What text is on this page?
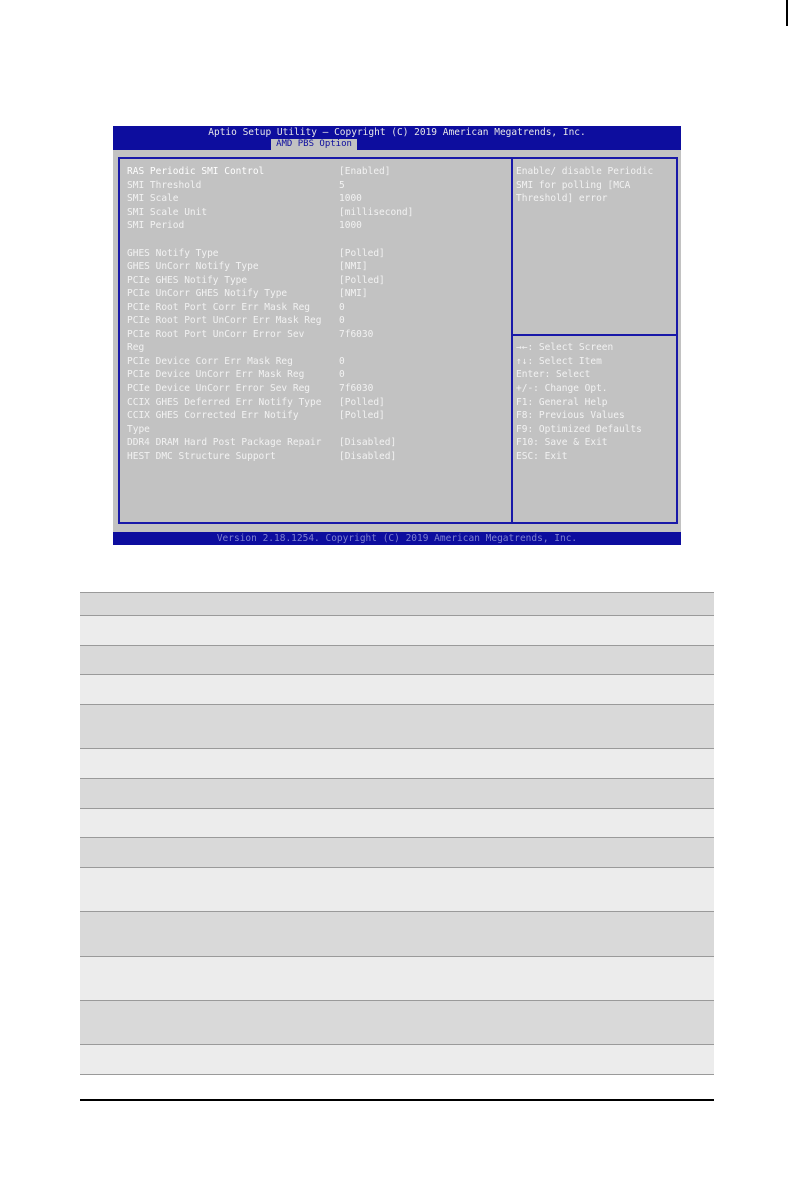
Aptio Setup Utility – Copyright (C) 2019 American Megatrends, Inc.
AMD PBS Option
RAS Periodic SMI Control
SMI Threshold
SMI Scale
SMI Scale Unit
SMI Period
GHES Notify Type
GHES UnCorr Notify Type
PCIe GHES Notify Type
PCIe UnCorr GHES Notify Type
PCIe Root Port Corr Err Mask Reg
PCIe Root Port UnCorr Err Mask Reg
PCIe Root Port UnCorr Error Sev
Reg
PCIe Device Corr Err Mask Reg
PCIe Device UnCorr Err Mask Reg
PCIe Device UnCorr Error Sev Reg
CCIX GHES Deferred Err Notify Type
CCIX GHES Corrected Err Notify
Type
DDR4 DRAM Hard Post Package Repair
HEST DMC Structure Support
[Enabled]
5
1000
[millisecond]
1000
[Polled]
[NMI]
[Polled]
[NMI]
0
0
7f6030
0
0
7f6030
[Polled]
[Polled]
[Disabled]
[Disabled]
Enable/ disable Periodic
SMI for polling [MCA
Threshold] error
→←: Select Screen
↑↓: Select Item
Enter: Select
+/-: Change Opt.
F1: General Help
F8: Previous Values
F9: Optimized Defaults
F10: Save & Exit
ESC: Exit
Version 2.18.1254. Copyright (C) 2019 American Megatrends, Inc.
